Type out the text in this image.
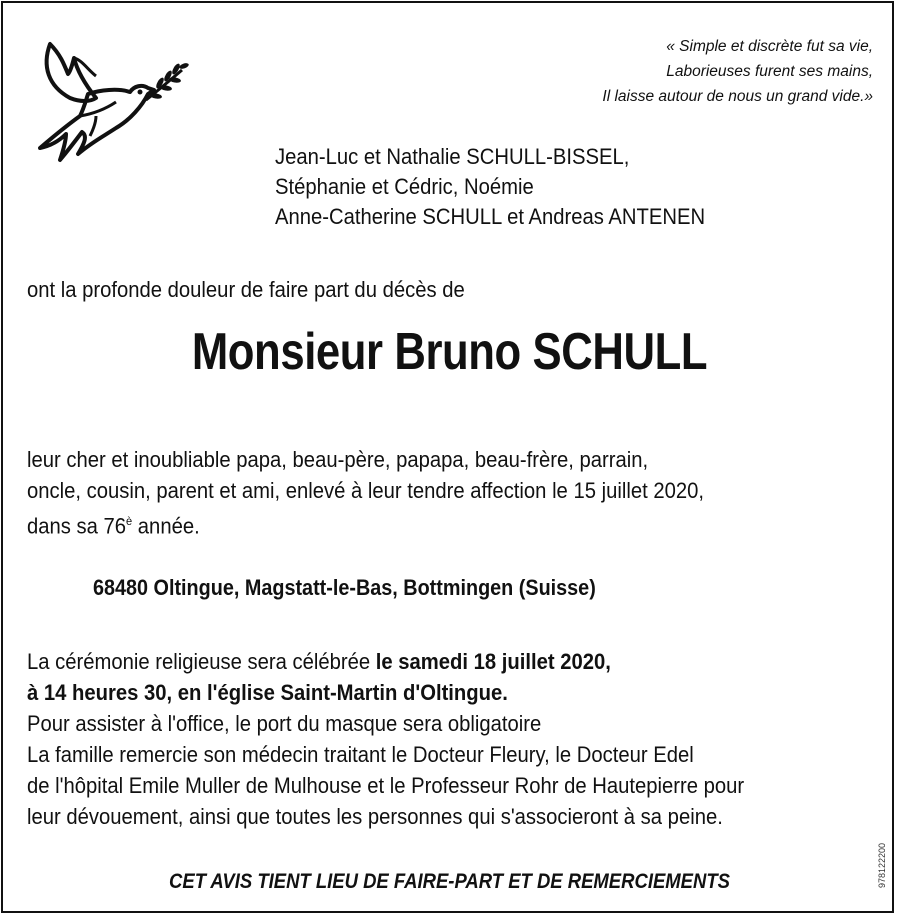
« Simple et discrète fut sa vie,
Laborieuses furent ses mains,
Il laisse autour de nous un grand vide.»
Jean-Luc et Nathalie SCHULL-BISSEL,
Stéphanie et Cédric, Noémie
Anne-Catherine SCHULL et Andreas ANTENEN
ont la profonde douleur de faire part du décès de
Monsieur Bruno SCHULL
leur cher et inoubliable papa, beau-père, papapa, beau-frère, parrain,
oncle, cousin, parent et ami, enlevé à leur tendre affection le 15 juillet 2020,
dans sa $76^è$ année.
68480 Oltingue, Magstatt-le-Bas, Bottmingen (Suisse)
La cérémonie religieuse sera célébrée le samedi 18 juillet 2020,
à 14 heures 30, en l'église Saint-Martin d'Oltingue.
Pour assister à l'office, le port du masque sera obligatoire
La famille remercie son médecin traitant le Docteur Fleury, le Docteur Edel
de l'hôpital Emile Muller de Mulhouse et le Professeur Rohr de Hautepierre pour
leur dévouement, ainsi que toutes les personnes qui s'associeront à sa peine.
CET AVIS TIENT LIEU DE FAIRE-PART ET DE REMERCIEMENTS	978122200
